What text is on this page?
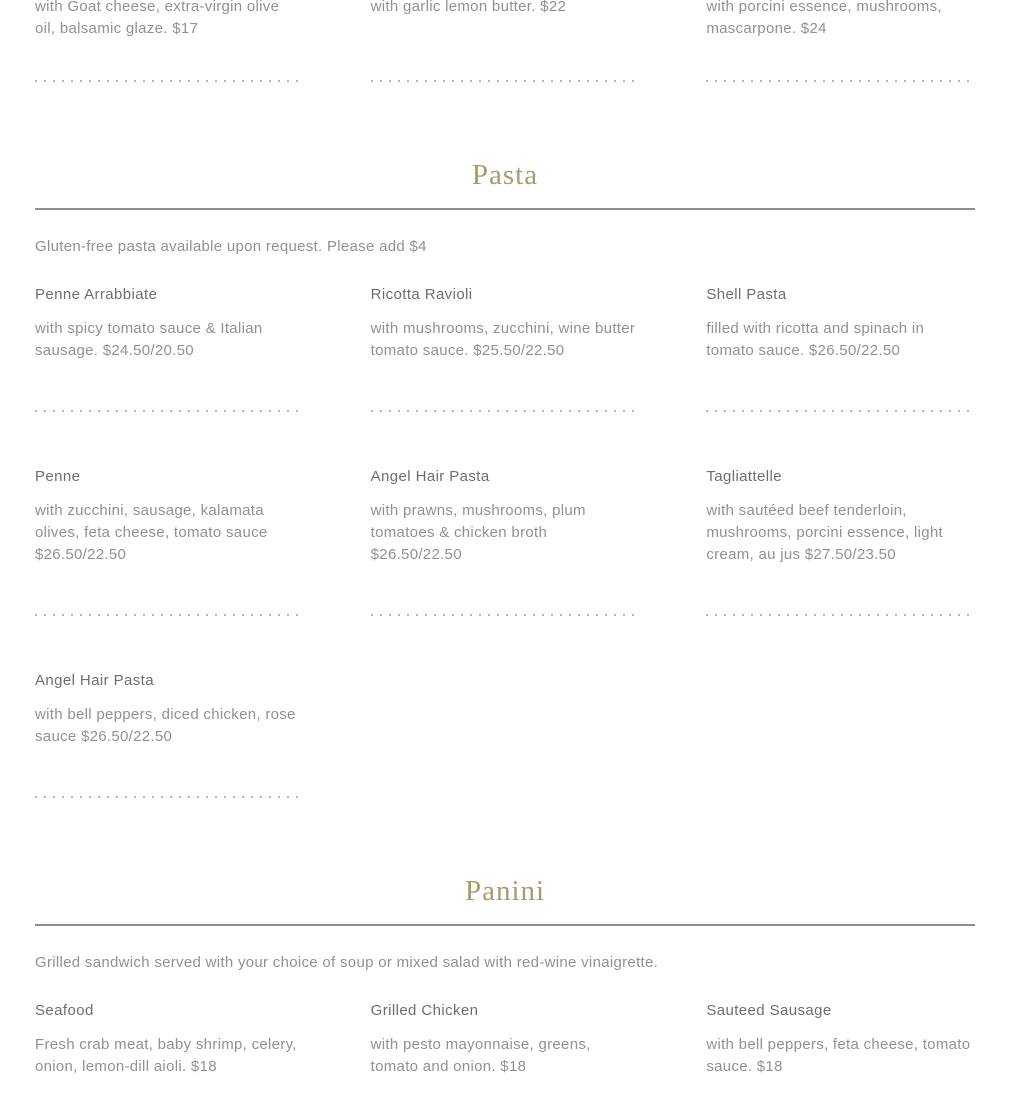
with Goat cheese, extra-virgin olive oil, balsamic glaze. $17

with garlic lemon butter. $22	with porcini essence, mushrooms, mascarpone. $24

Pasta

Gluten-free pasta available upon request. Please add $4

Penne Arrabbiate

with spicy tomato sauce & Italian sausage. $24.50/20.50

Ricotta Ravioli

with mushrooms, zucchini, wine butter tomato sauce. $25.50/22.50

Shell Pasta

filled with ricotta and spinach in tomato sauce. $26.50/22.50

Penne

with zucchini, sausage, kalamata olives, feta cheese, tomato sauce $26.50/22.50

Angel Hair Pasta

with prawns, mushrooms, plum tomatoes & chicken broth $26.50/22.50

Tagliattelle

with sautéed beef tenderloin, mushrooms, porcini essence, light cream, au jus $27.50/23.50

Angel Hair Pasta

with bell peppers, diced chicken, rose sauce $26.50/22.50

Panini

Grilled sandwich served with your choice of soup or mixed salad with red-wine vinaigrette.

Seafood

Fresh crab meat, baby shrimp, celery, onion, lemon-dill aioli. $18

Grilled Chicken

with pesto mayonnaise, greens, tomato and onion. $18

Sauteed Sausage

with bell peppers, feta cheese, tomato sauce. $18
